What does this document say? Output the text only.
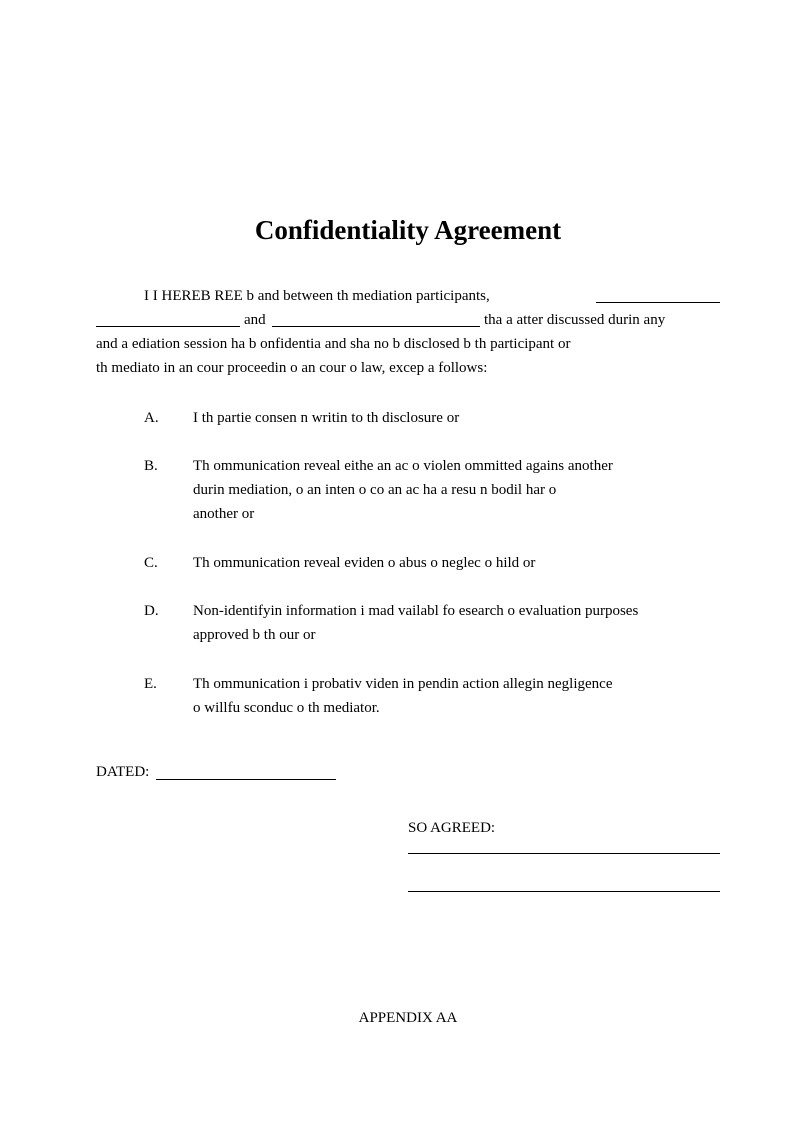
Confidentiality Agreement
I I HEREB REE b and between th mediation participants,
and	tha a atter discussed durin any
and a ediation session ha b onfidentia and sha no b disclosed b th participant or
th mediato in an cour proceedin o an cour o law, excep a follows:
A.	I th partie consen n writin to th disclosure or
B.	Th ommunication reveal eithe an ac o violen ommitted agains another
durin mediation, o an inten o co an ac ha a resu n bodil har o
another or
C.	Th ommunication reveal eviden o abus o neglec o hild or
D.	Non-identifyin information i mad vailabl fo esearch o evaluation purposes
approved b th our or
E.	Th ommunication i probativ viden in pendin action allegin negligence
o willfu sconduc o th mediator.
DATED:
SO AGREED:
APPENDIX AA
